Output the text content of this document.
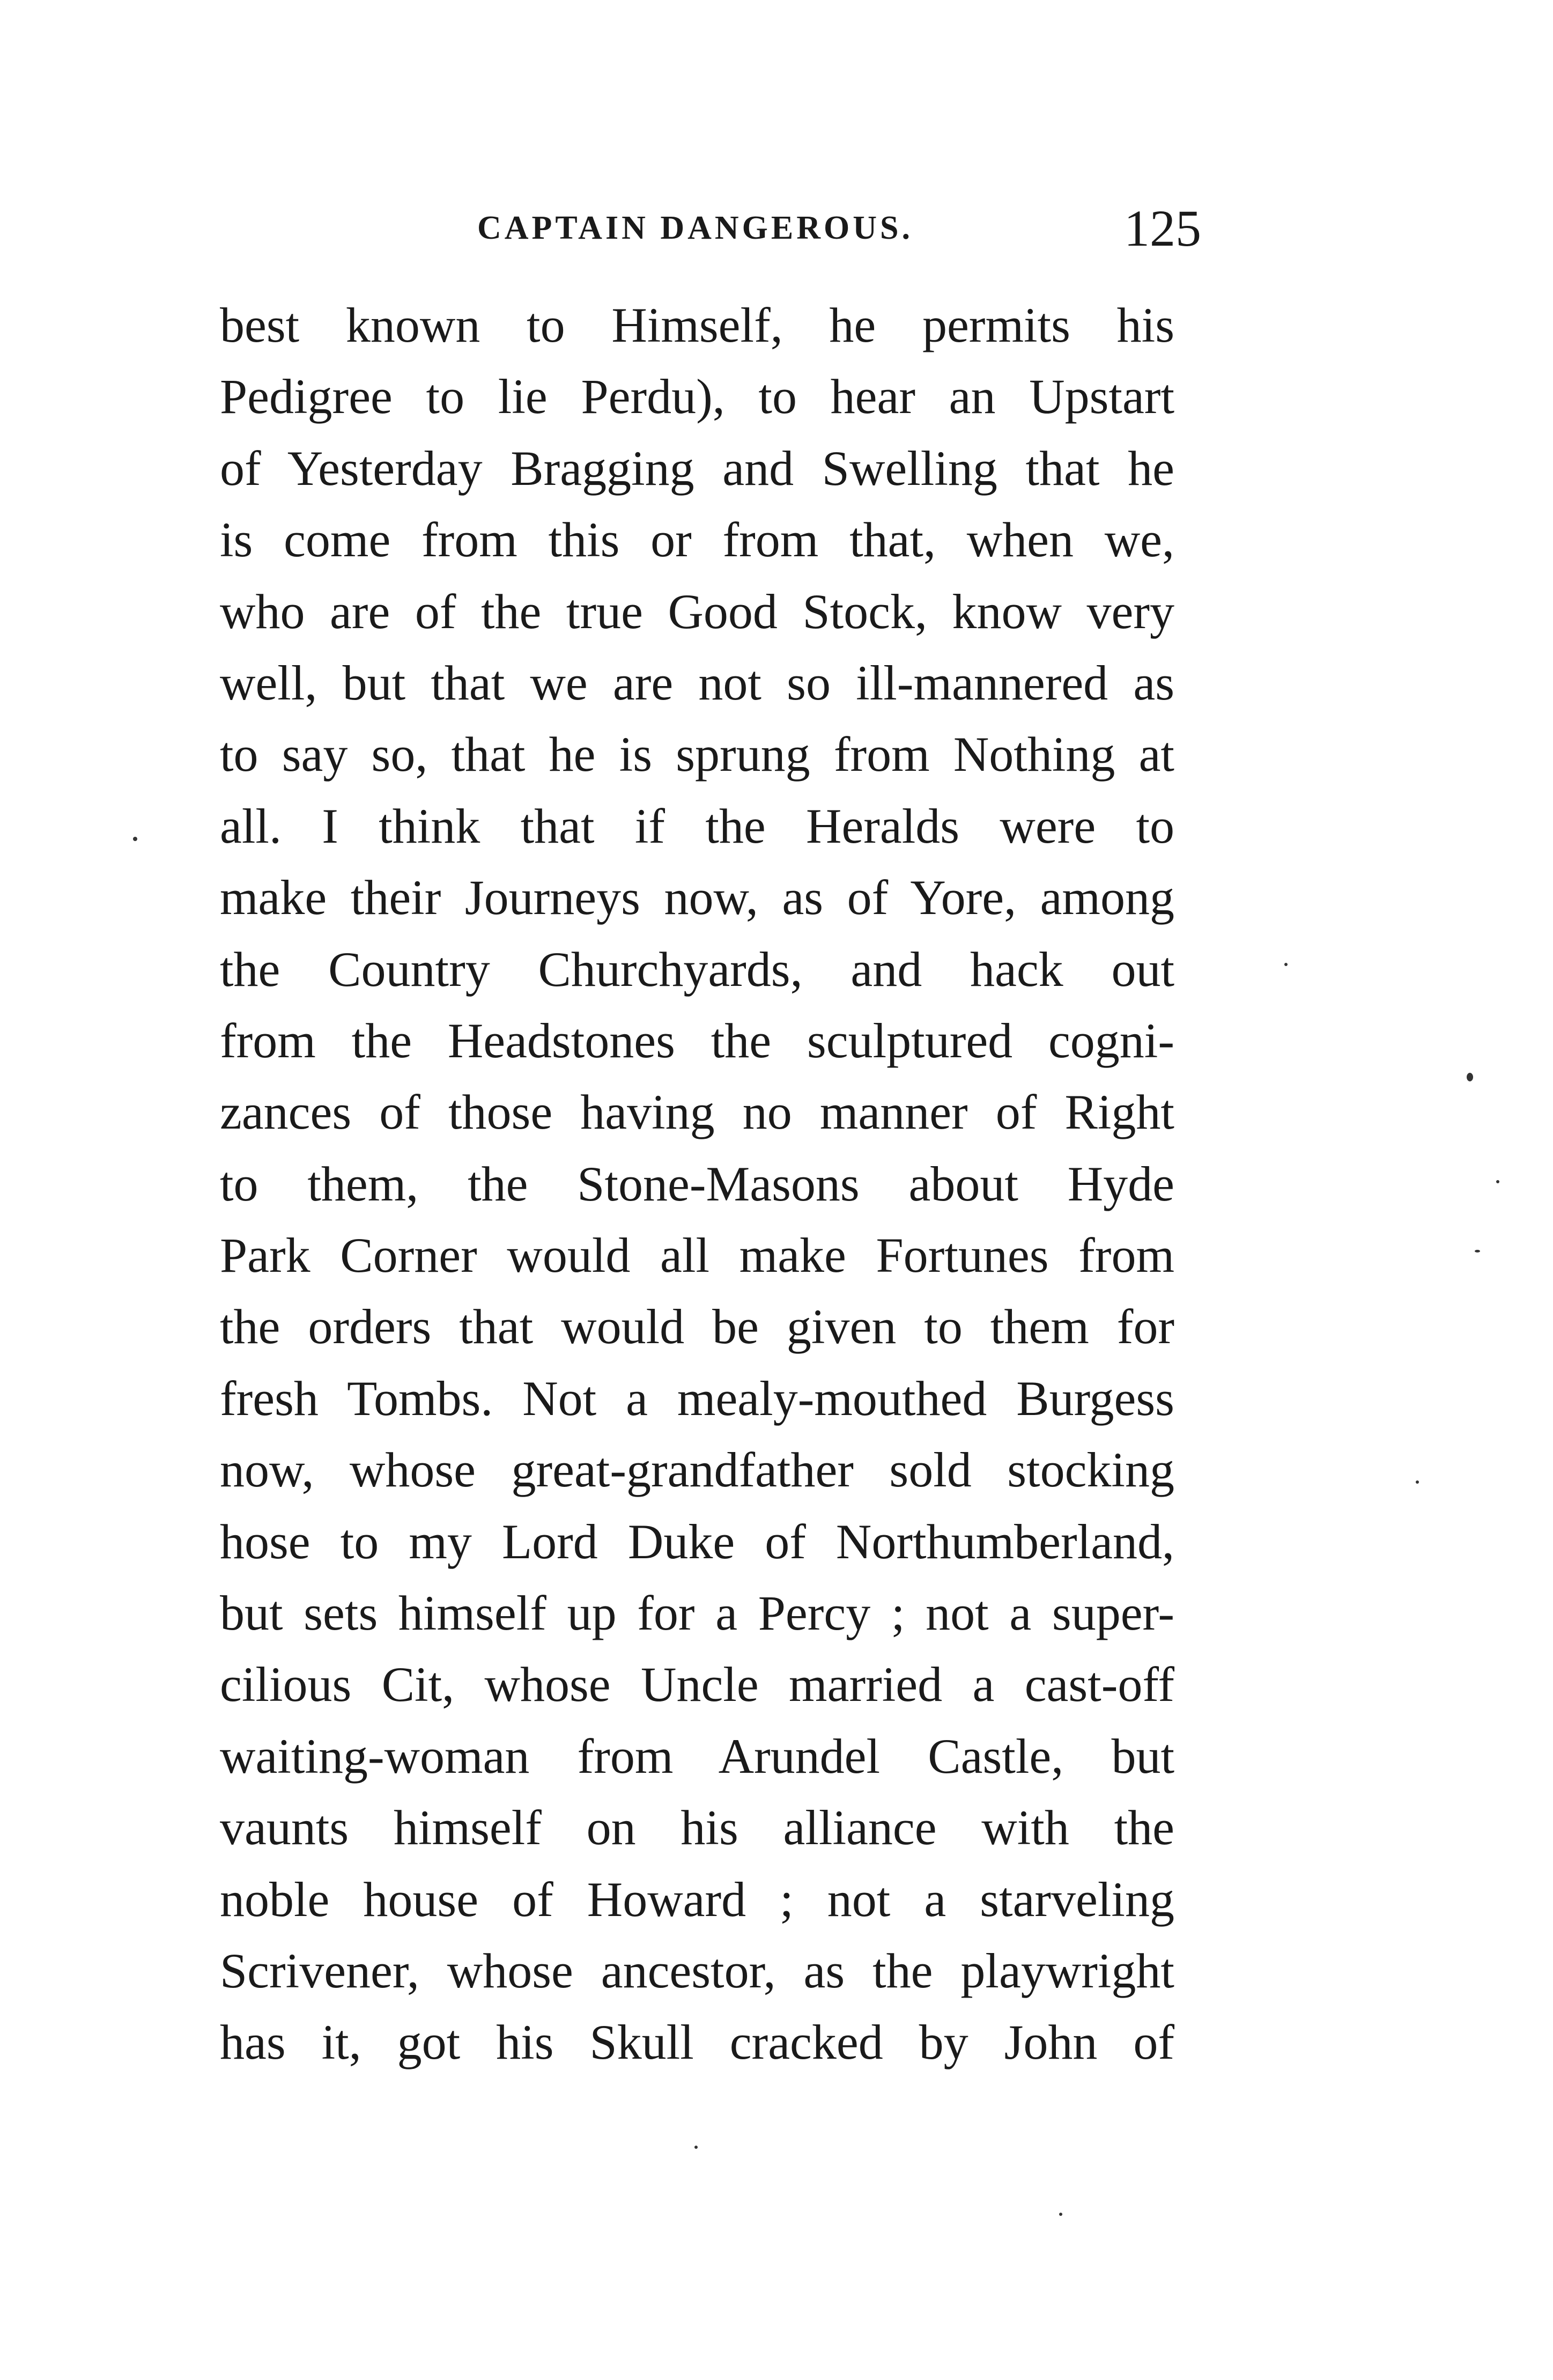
CAPTAIN DANGEROUS.	125
best known to Himself, he permits his
Pedigree to lie Perdu), to hear an Upstart
of Yesterday Bragging and Swelling that he
is come from this or from that, when we,
who are of the true Good Stock, know very
well, but that we are not so ill-mannered as
to say so, that he is sprung from Nothing at
all. I think that if the Heralds were to
make their Journeys now, as of Yore, among
the Country Churchyards, and hack out
from the Headstones the sculptured cogni-
zances of those having no manner of Right
to them, the Stone-Masons about Hyde
Park Corner would all make Fortunes from
the orders that would be given to them for
fresh Tombs. Not a mealy-mouthed Burgess
now, whose great-grandfather sold stocking
hose to my Lord Duke of Northumberland,
but sets himself up for a Percy ; not a super-
cilious Cit, whose Uncle married a cast-off
waiting-woman from Arundel Castle, but
vaunts himself on his alliance with the
noble house of Howard ; not a starveling
Scrivener, whose ancestor, as the playwright
has it, got his Skull cracked by John of
